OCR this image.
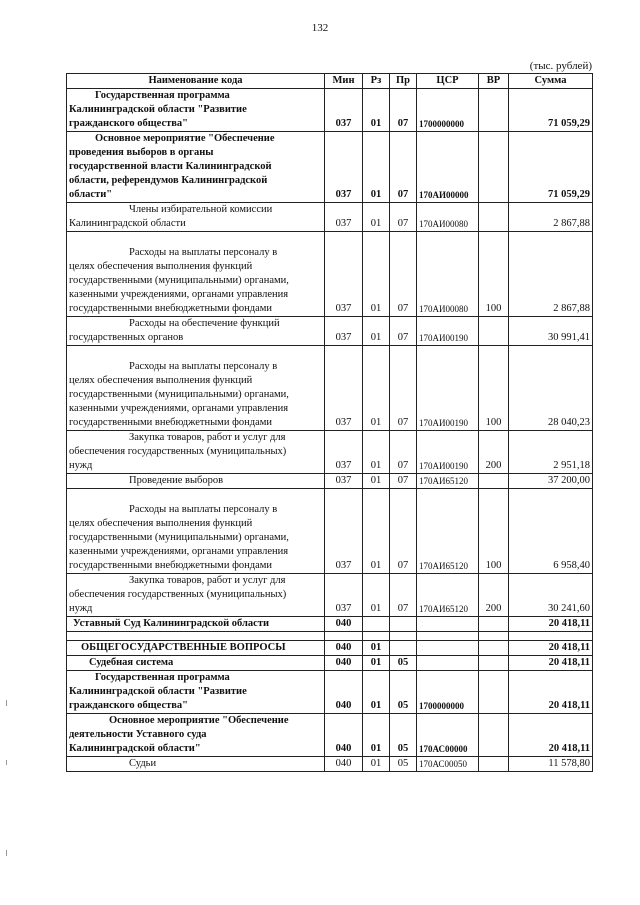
132
(тыс. рублей)
Наименование кода	Мин	Рз	Пр	ЦСР	ВР	Сумма

Государственная программа
Калининградской области "Развитие
гражданского общества"	037	01	07	1700000000		71 059,29

Основное мероприятие "Обеспечение
проведения выборов в органы
государственной власти Калининградской
области, референдумов Калининградской
области"	037	01	07	170АИ00000		71 059,29

Члены избирательной комиссии
Калининградской области	037	01	07	170АИ00080		2 867,88

Расходы на выплаты персоналу в
целях обеспечения выполнения функций
государственными (муниципальными) органами,
казенными учреждениями, органами управления
государственными внебюджетными фондами	037	01	07	170АИ00080	100	2 867,88

Расходы на обеспечение функций
государственных органов	037	01	07	170АИ00190		30 991,41

Расходы на выплаты персоналу в
целях обеспечения выполнения функций
государственными (муниципальными) органами,
казенными учреждениями, органами управления
государственными внебюджетными фондами	037	01	07	170АИ00190	100	28 040,23

Закупка товаров, работ и услуг для
обеспечения государственных (муниципальных)
нужд	037	01	07	170АИ00190	200	2 951,18

Проведение выборов	037	01	07	170АИ65120		37 200,00

Расходы на выплаты персоналу в
целях обеспечения выполнения функций
государственными (муниципальными) органами,
казенными учреждениями, органами управления
государственными внебюджетными фондами	037	01	07	170АИ65120	100	6 958,40

Закупка товаров, работ и услуг для
обеспечения государственных (муниципальных)
нужд	037	01	07	170АИ65120	200	30 241,60

Уставный Суд Калининградской области	040					20 418,11

ОБЩЕГОСУДАРСТВЕННЫЕ ВОПРОСЫ	040	01				20 418,11

Судебная система	040	01	05			20 418,11

Государственная программа
Калининградской области "Развитие
гражданского общества"	040	01	05	1700000000		20 418,11

Основное мероприятие "Обеспечение
деятельности Уставного суда
Калининградской области"	040	01	05	170АС00000		20 418,11

Судьи	040	01	05	170АС00050		11 578,80
